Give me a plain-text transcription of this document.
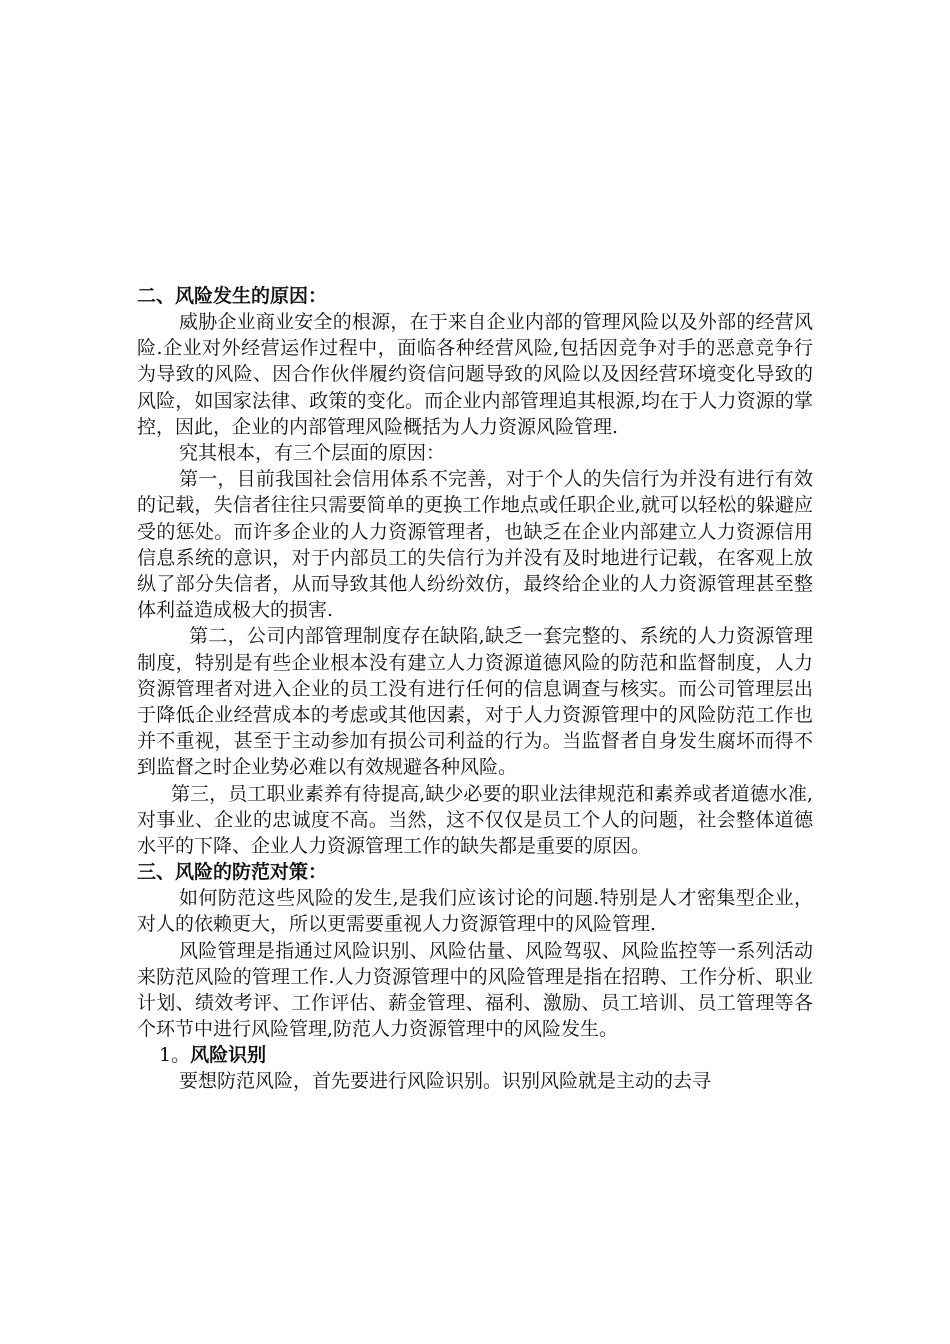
二、风险发生的原因：

威胁企业商业安全的根源，在于来自企业内部的管理风险以及外部的经营风险.企业对外经营运作过程中，面临各种经营风险,包括因竞争对手的恶意竞争行为导致的风险、因合作伙伴履约资信问题导致的风险以及因经营环境变化导致的风险，如国家法律、政策的变化。而企业内部管理追其根源,均在于人力资源的掌控，因此，企业的内部管理风险概括为人力资源风险管理.

究其根本，有三个层面的原因：

第一，目前我国社会信用体系不完善，对于个人的失信行为并没有进行有效的记载，失信者往往只需要简单的更换工作地点或任职企业,就可以轻松的躲避应受的惩处。而许多企业的人力资源管理者，也缺乏在企业内部建立人力资源信用信息系统的意识，对于内部员工的失信行为并没有及时地进行记载，在客观上放纵了部分失信者，从而导致其他人纷纷效仿，最终给企业的人力资源管理甚至整体利益造成极大的损害.

第二，公司内部管理制度存在缺陷,缺乏一套完整的、系统的人力资源管理制度，特别是有些企业根本没有建立人力资源道德风险的防范和监督制度，人力资源管理者对进入企业的员工没有进行任何的信息调查与核实。而公司管理层出于降低企业经营成本的考虑或其他因素，对于人力资源管理中的风险防范工作也并不重视，甚至于主动参加有损公司利益的行为。当监督者自身发生腐坏而得不到监督之时企业势必难以有效规避各种风险。

第三，员工职业素养有待提高,缺少必要的职业法律规范和素养或者道德水准,对事业、企业的忠诚度不高。当然，这不仅仅是员工个人的问题，社会整体道德水平的下降、企业人力资源管理工作的缺失都是重要的原因。

三、风险的防范对策：

如何防范这些风险的发生,是我们应该讨论的问题.特别是人才密集型企业，对人的依赖更大，所以更需要重视人力资源管理中的风险管理.

风险管理是指通过风险识别、风险估量、风险驾驭、风险监控等一系列活动来防范风险的管理工作.人力资源管理中的风险管理是指在招聘、工作分析、职业计划、绩效考评、工作评估、薪金管理、福利、激励、员工培训、员工管理等各个环节中进行风险管理,防范人力资源管理中的风险发生。

1。风险识别

要想防范风险，首先要进行风险识别。识别风险就是主动的去寻
